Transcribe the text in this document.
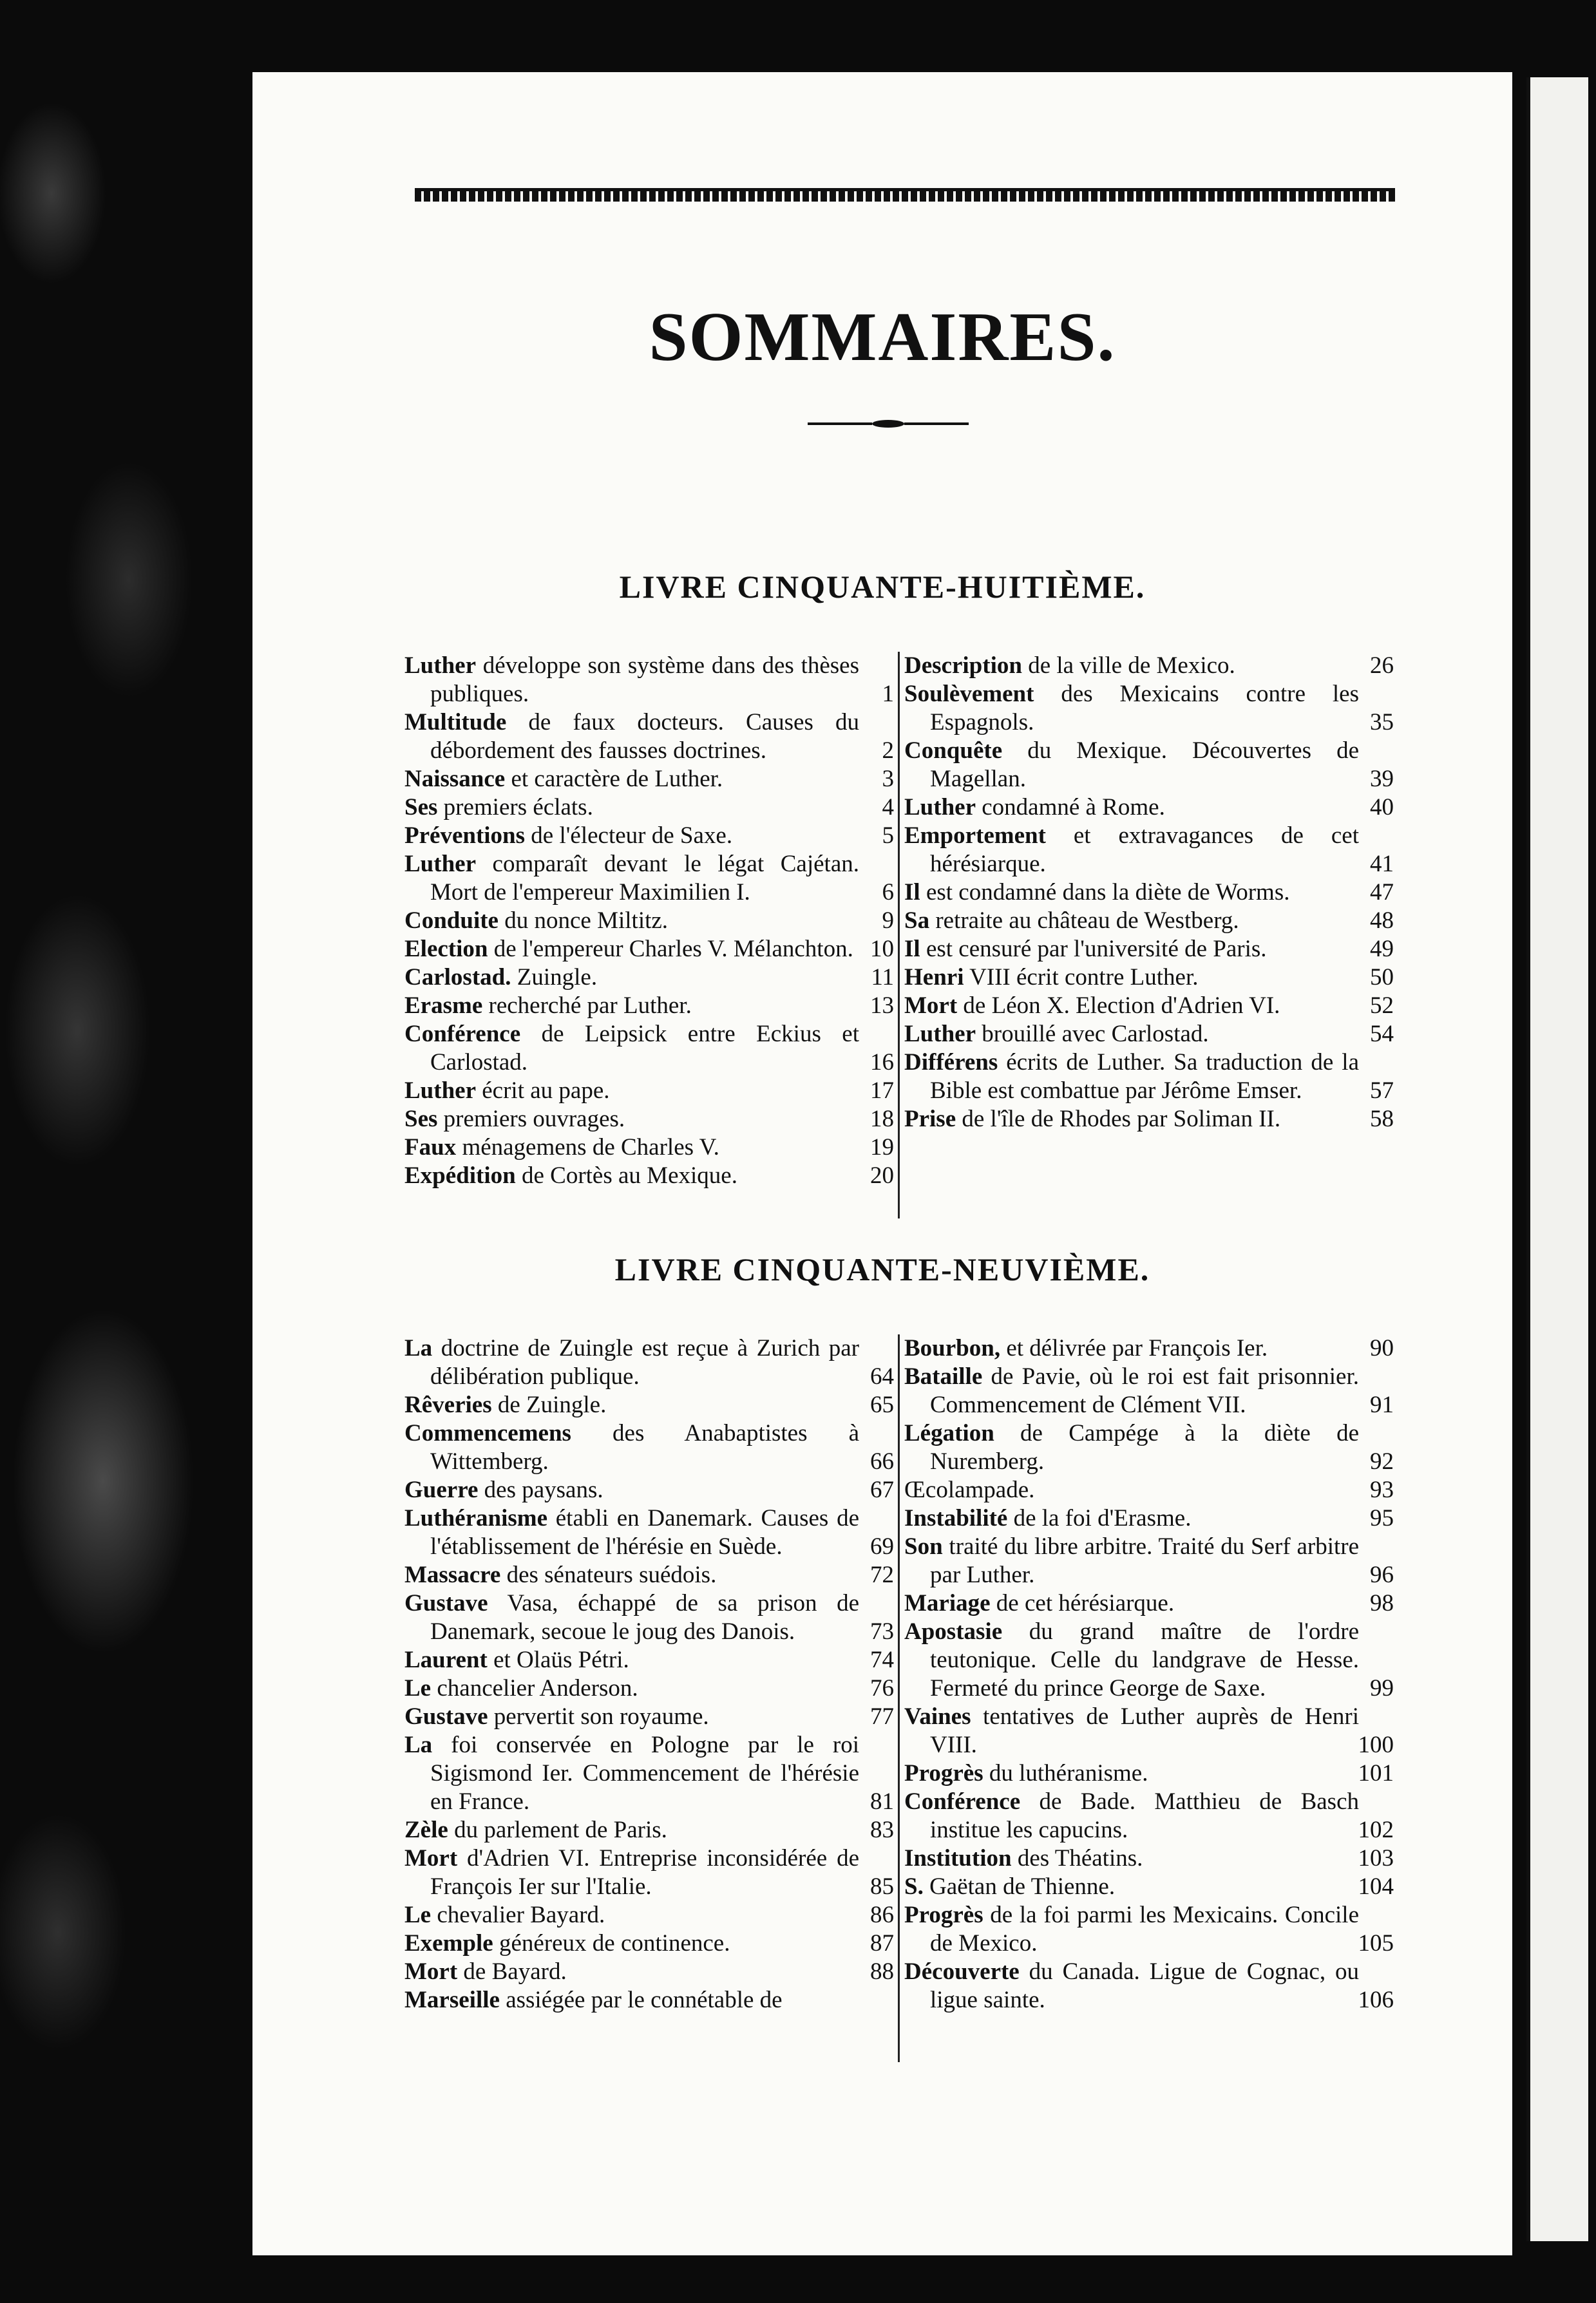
SOMMAIRES.
LIVRE CINQUANTE-HUITIÈME.
Luther développe son système dans des thèses publiques.	1
Multitude de faux docteurs. Causes du débordement des fausses doctrines.	2
Naissance et caractère de Luther.	3
Ses premiers éclats.	4
Préventions de l'électeur de Saxe.	5
Luther comparaît devant le légat Cajétan. Mort de l'empereur Maximilien I.	6
Conduite du nonce Miltitz.	9
Election de l'empereur Charles V. Mélanchton. 10
Carlostad. Zuingle.	11
Erasme recherché par Luther.	13
Conférence de Leipsick entre Eckius et Carlostad.	16
Luther écrit au pape.	17
Ses premiers ouvrages.	18
Faux ménagemens de Charles V.	19
Expédition de Cortès au Mexique.	20
Description de la ville de Mexico.	26
Soulèvement des Mexicains contre les Espagnols.	35
Conquête du Mexique. Découvertes de Magellan.	39
Luther condamné à Rome.	40
Emportement et extravagances de cet hérésiarque.	41
Il est condamné dans la diète de Worms.	47
Sa retraite au château de Westberg.	48
Il est censuré par l'université de Paris.	49
Henri VIII écrit contre Luther.	50
Mort de Léon X. Election d'Adrien VI.	52
Luther brouillé avec Carlostad.	54
Différens écrits de Luther. Sa traduction de la Bible est combattue par Jérôme Emser.	57
Prise de l'île de Rhodes par Soliman II.	58
LIVRE CINQUANTE-NEUVIÈME.
La doctrine de Zuingle est reçue à Zurich par délibération publique.	64
Rêveries de Zuingle.	65
Commencemens des Anabaptistes à Wittemberg.	66
Guerre des paysans.	67
Luthéranisme établi en Danemark. Causes de l'établissement de l'hérésie en Suède.	69
Massacre des sénateurs suédois.	72
Gustave Vasa, échappé de sa prison de Danemark, secoue le joug des Danois.	73
Laurent et Olaüs Pétri.	74
Le chancelier Anderson.	76
Gustave pervertit son royaume.	77
La foi conservée en Pologne par le roi Sigismond Ier. Commencement de l'hérésie en France.	81
Zèle du parlement de Paris.	83
Mort d'Adrien VI. Entreprise inconsidérée de François Ier sur l'Italie.	85
Le chevalier Bayard.	86
Exemple généreux de continence.	87
Mort de Bayard.	88
Marseille assiégée par le connétable de
Bourbon, et délivrée par François Ier.	90
Bataille de Pavie, où le roi est fait prisonnier. Commencement de Clément VII.	91
Légation de Campége à la diète de Nuremberg.	92
Œcolampade.	93
Instabilité de la foi d'Erasme.	95
Son traité du libre arbitre. Traité du Serf arbitre par Luther.	96
Mariage de cet hérésiarque.	98
Apostasie du grand maître de l'ordre teutonique. Celle du landgrave de Hesse. Fermeté du prince George de Saxe.	99
Vaines tentatives de Luther auprès de Henri VIII.	100
Progrès du luthéranisme.	101
Conférence de Bade. Matthieu de Basch institue les capucins.	102
Institution des Théatins.	103
S. Gaëtan de Thienne.	104
Progrès de la foi parmi les Mexicains. Concile de Mexico.	105
Découverte du Canada. Ligue de Cognac, ou ligue sainte.	106
